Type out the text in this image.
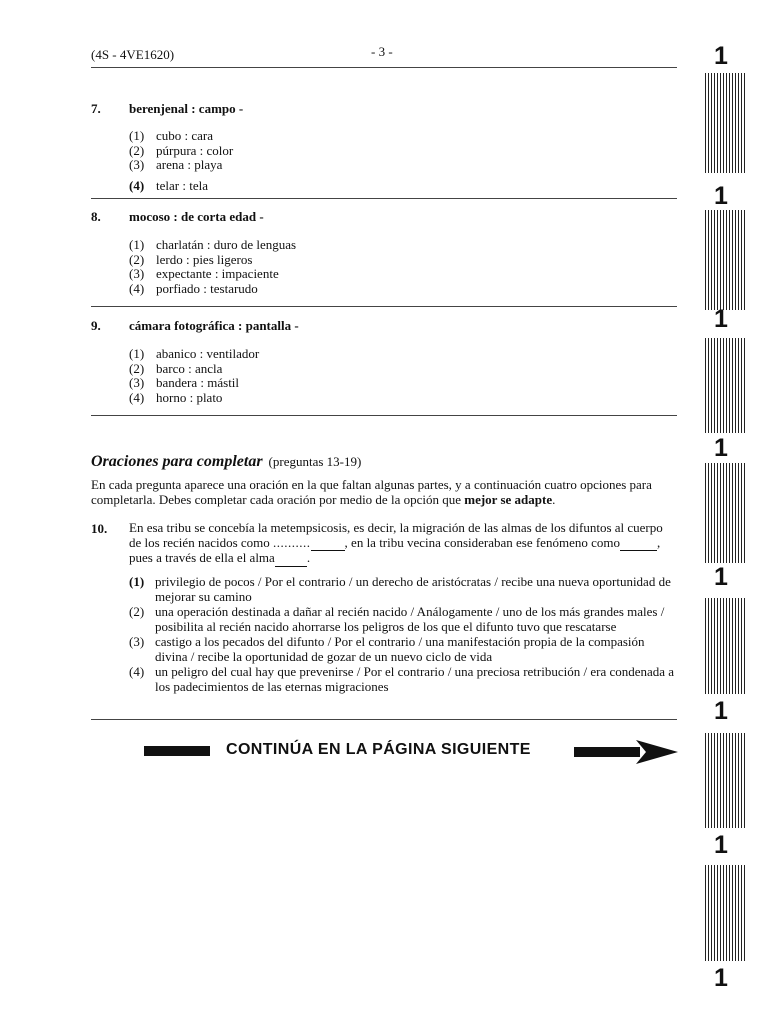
(4S - 4VE1620)	- 3 -
7. berenjenal : campo -
(1) cubo : cara
(2) púrpura : color
(3) arena : playa
(4) telar : tela
8. mocoso : de corta edad -
(1) charlatán : duro de lenguas
(2) lerdo : pies ligeros
(3) expectante : impaciente
(4) porfiado : testarudo
9. cámara fotográfica : pantalla -
(1) abanico : ventilador
(2) barco : ancla
(3) bandera : mástil
(4) horno : plato
Oraciones para completar (preguntas 13-19)
En cada pregunta aparece una oración en la que faltan algunas partes, y a continuación cuatro opciones para completarla. Debes completar cada oración por medio de la opción que mejor se adapte.
10. En esa tribu se concebía la metempsicosis, es decir, la migración de las almas de los difuntos al cuerpo de los recién nacidos como ..........	, en la tribu vecina consideraban ese fenómeno como	, pues a través de ella el alma .
(1) privilegio de pocos / Por el contrario / un derecho de aristócratas / recibe una nueva oportunidad de mejorar su camino
(2) una operación destinada a dañar al recién nacido / Análogamente / uno de los más grandes males / posibilita al recién nacido ahorrarse los peligros de los que el difunto tuvo que rescatarse
(3) castigo a los pecados del difunto / Por el contrario / una manifestación propia de la compasión divina / recibe la oportunidad de gozar de un nuevo ciclo de vida
(4) un peligro del cual hay que prevenirse / Por el contrario / una preciosa retribución / era condenada a los padecimientos de las eternas migraciones
CONTINÚA EN LA PÁGINA SIGUIENTE
1
1
1
1
1
1
1
1
